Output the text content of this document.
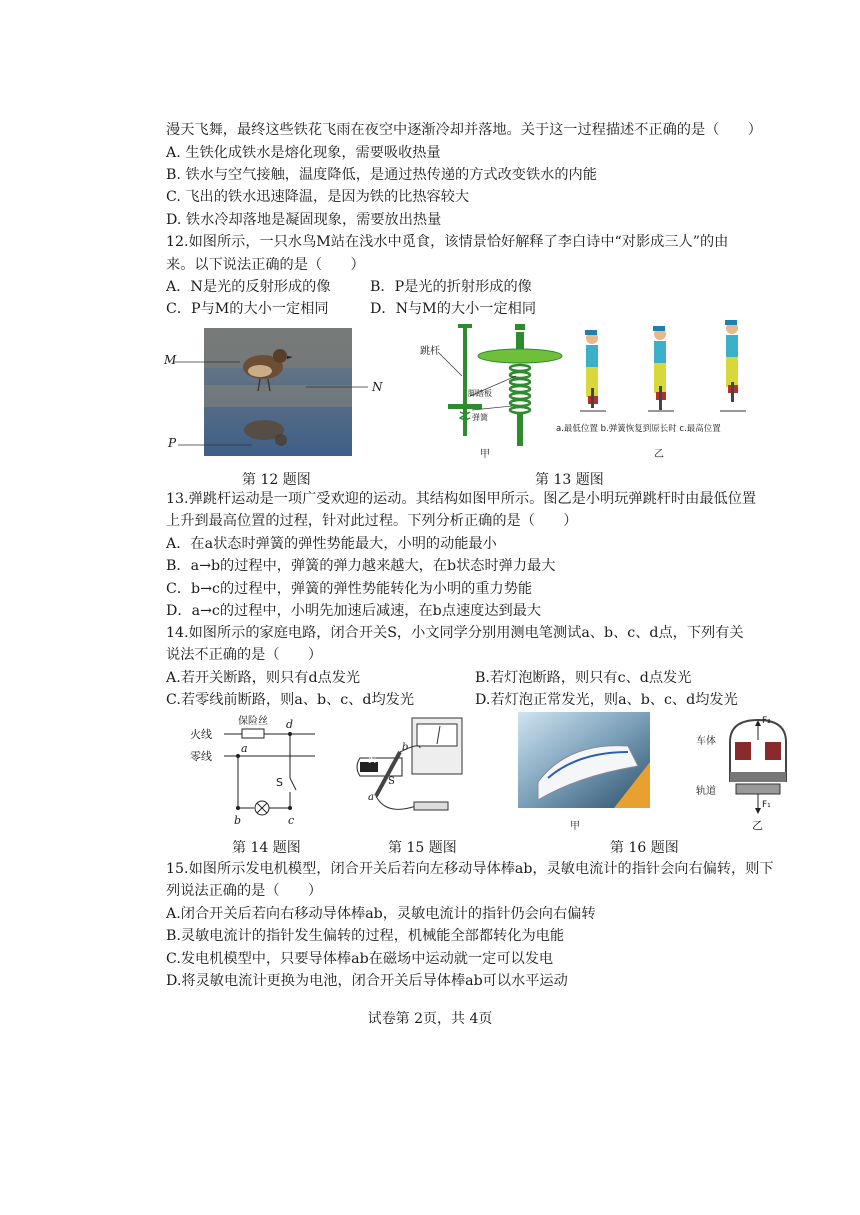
漫天飞舞，最终这些铁花飞雨在夜空中逐渐冷却并落地。关于这一过程描述不正确的是（　　）
A. 生铁化成铁水是熔化现象，需要吸收热量
B. 铁水与空气接触，温度降低，是通过热传递的方式改变铁水的内能
C. 飞出的铁水迅速降温，是因为铁的比热容较大
D. 铁水冷却落地是凝固现象，需要放出热量
12.如图所示，一只水鸟M站在浅水中觅食，该情景恰好解释了李白诗中“对影成三人”的由
来。以下说法正确的是（　　）
A．N是光的反射形成的像	B．P是光的折射形成的像
C．P与M的大小一定相同	D．N与M的大小一定相同
M
N
P
第 12 题图
跳杆
脚踏板
弹簧
甲
a.最低位置 b.弹簧恢复到原长时 c.最高位置
乙
第 13 题图
13.弹跳杆运动是一项广受欢迎的运动。其结构如图甲所示。图乙是小明玩弹跳杆时由最低位置
上升到最高位置的过程，针对此过程。下列分析正确的是（　　）
A．在a状态时弹簧的弹性势能最大，小明的动能最小
B．a→b的过程中，弹簧的弹力越来越大，在b状态时弹力最大
C．b→c的过程中，弹簧的弹性势能转化为小明的重力势能
D．a→c的过程中，小明先加速后减速，在b点速度达到最大
14.如图所示的家庭电路，闭合开关S，小文同学分别用测电笔测试a、b、c、d点，下列有关
说法不正确的是（　　）
A.若开关断路，则只有d点发光	B.若灯泡断路，则只有c、d点发光
C.若零线前断路，则a、b、c、d均发光	D.若灯泡正常发光，则a、b、c、d均发光
火线
保险丝
零线
a
d
S
b	c
第 14 题图
N
S
a
b
第 15 题图
甲
车体
轨道
F₂
F₁
乙
第 16 题图
15.如图所示发电机模型，闭合开关后若向左移动导体棒ab，灵敏电流计的指针会向右偏转，则下
列说法正确的是（　　）
A.闭合开关后若向右移动导体棒ab，灵敏电流计的指针仍会向右偏转
B.灵敏电流计的指针发生偏转的过程，机械能全部都转化为电能
C.发电机模型中，只要导体棒ab在磁场中运动就一定可以发电
D.将灵敏电流计更换为电池，闭合开关后导体棒ab可以水平运动
试卷第 2页，共 4页
